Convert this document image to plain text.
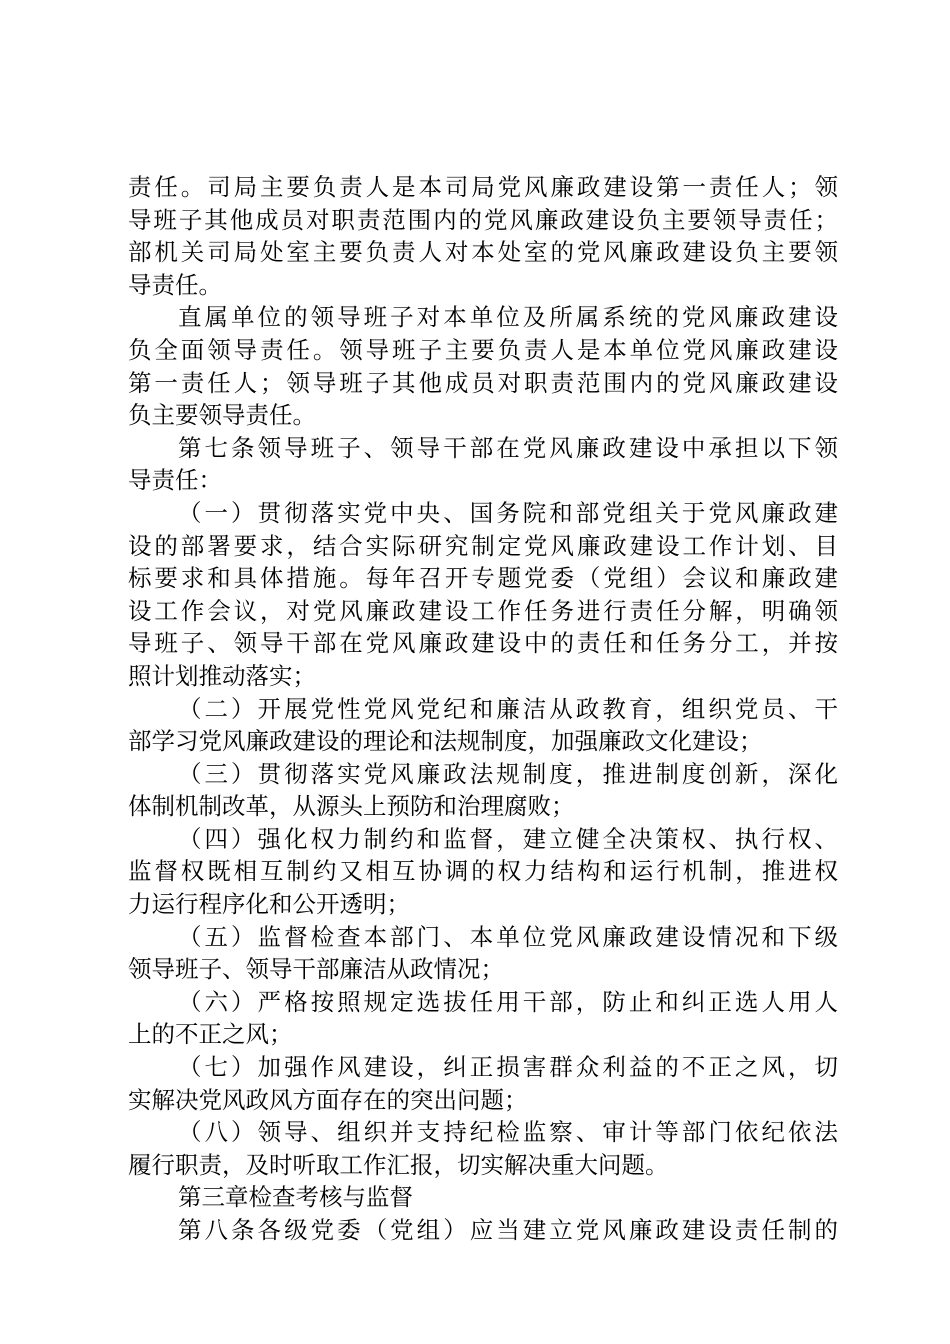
责任。司局主要负责人是本司局党风廉政建设第一责任人；领
导班子其他成员对职责范围内的党风廉政建设负主要领导责任；
部机关司局处室主要负责人对本处室的党风廉政建设负主要领
导责任。
直属单位的领导班子对本单位及所属系统的党风廉政建设
负全面领导责任。领导班子主要负责人是本单位党风廉政建设
第一责任人；领导班子其他成员对职责范围内的党风廉政建设
负主要领导责任。
第七条领导班子、领导干部在党风廉政建设中承担以下领
导责任：
（一）贯彻落实党中央、国务院和部党组关于党风廉政建
设的部署要求，结合实际研究制定党风廉政建设工作计划、目
标要求和具体措施。每年召开专题党委（党组）会议和廉政建
设工作会议，对党风廉政建设工作任务进行责任分解，明确领
导班子、领导干部在党风廉政建设中的责任和任务分工，并按
照计划推动落实；
（二）开展党性党风党纪和廉洁从政教育，组织党员、干
部学习党风廉政建设的理论和法规制度，加强廉政文化建设；
（三）贯彻落实党风廉政法规制度，推进制度创新，深化
体制机制改革，从源头上预防和治理腐败；
（四）强化权力制约和监督，建立健全决策权、执行权、
监督权既相互制约又相互协调的权力结构和运行机制，推进权
力运行程序化和公开透明；
（五）监督检查本部门、本单位党风廉政建设情况和下级
领导班子、领导干部廉洁从政情况；
（六）严格按照规定选拔任用干部，防止和纠正选人用人
上的不正之风；
（七）加强作风建设，纠正损害群众利益的不正之风，切
实解决党风政风方面存在的突出问题；
（八）领导、组织并支持纪检监察、审计等部门依纪依法
履行职责，及时听取工作汇报，切实解决重大问题。
第三章检查考核与监督
第八条各级党委（党组）应当建立党风廉政建设责任制的
